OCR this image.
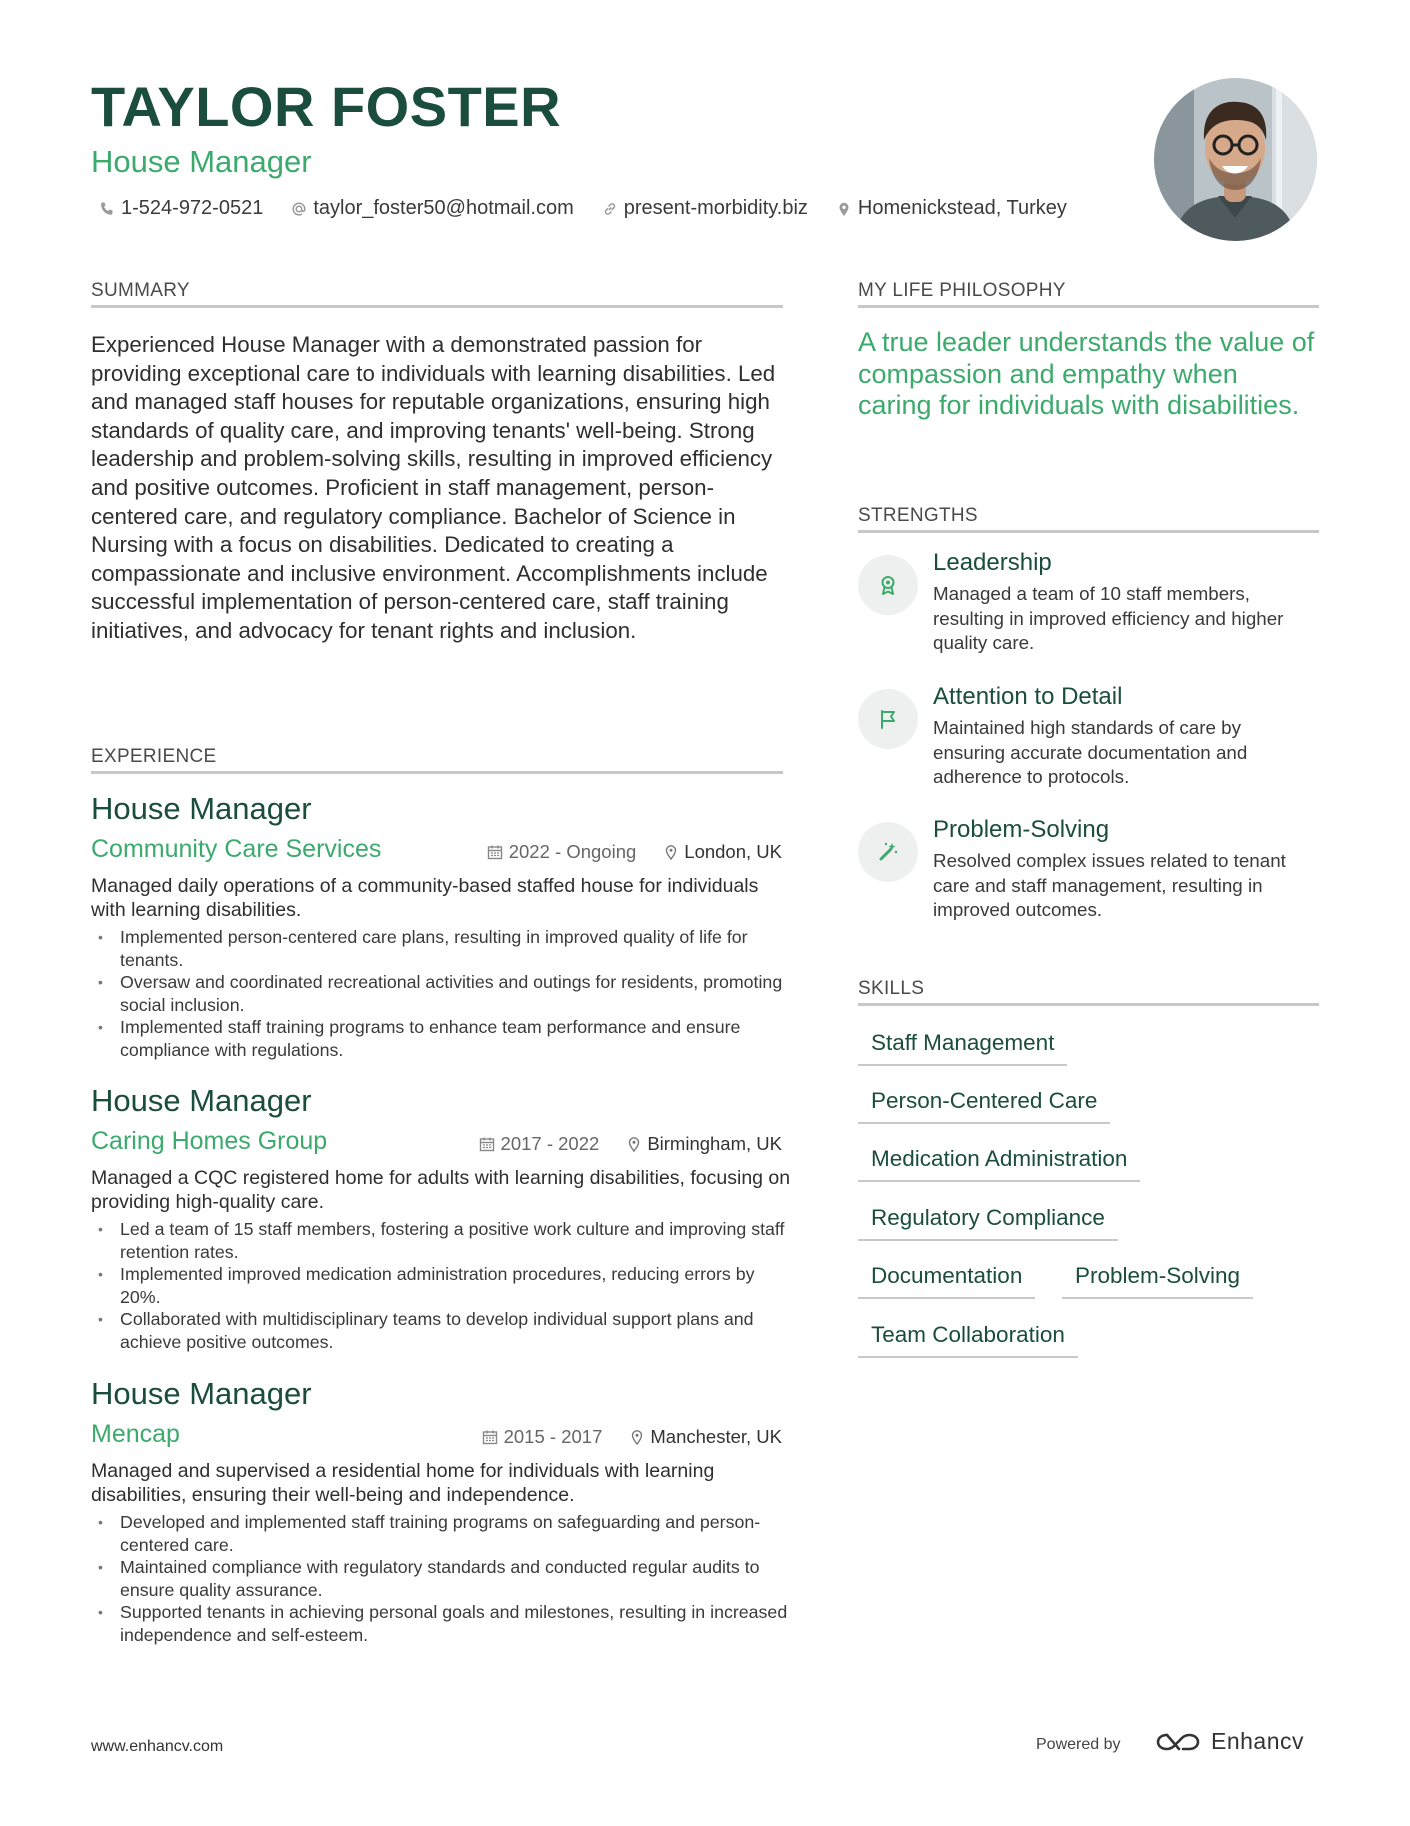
TAYLOR FOSTER
House Manager
1-524-972-0521	taylor_foster50@hotmail.com	present-morbidity.biz	Homenickstead, Turkey
SUMMARY
Experienced House Manager with a demonstrated passion for providing exceptional care to individuals with learning disabilities. Led and managed staff houses for reputable organizations, ensuring high standards of quality care, and improving tenants' well-being. Strong leadership and problem-solving skills, resulting in improved efficiency and positive outcomes. Proficient in staff management, person-centered care, and regulatory compliance. Bachelor of Science in Nursing with a focus on disabilities. Dedicated to creating a compassionate and inclusive environment. Accomplishments include successful implementation of person-centered care, staff training initiatives, and advocacy for tenant rights and inclusion.
EXPERIENCE
House Manager
Community Care Services	2022 - Ongoing	London, UK
Managed daily operations of a community-based staffed house for individuals with learning disabilities.
• Implemented person-centered care plans, resulting in improved quality of life for tenants.
• Oversaw and coordinated recreational activities and outings for residents, promoting social inclusion.
• Implemented staff training programs to enhance team performance and ensure compliance with regulations.
House Manager
Caring Homes Group	2017 - 2022	Birmingham, UK
Managed a CQC registered home for adults with learning disabilities, focusing on providing high-quality care.
• Led a team of 15 staff members, fostering a positive work culture and improving staff retention rates.
• Implemented improved medication administration procedures, reducing errors by 20%.
• Collaborated with multidisciplinary teams to develop individual support plans and achieve positive outcomes.
House Manager
Mencap	2015 - 2017	Manchester, UK
Managed and supervised a residential home for individuals with learning disabilities, ensuring their well-being and independence.
• Developed and implemented staff training programs on safeguarding and person-centered care.
• Maintained compliance with regulatory standards and conducted regular audits to ensure quality assurance.
• Supported tenants in achieving personal goals and milestones, resulting in increased independence and self-esteem.
MY LIFE PHILOSOPHY
A true leader understands the value of compassion and empathy when caring for individuals with disabilities.
STRENGTHS
Leadership
Managed a team of 10 staff members, resulting in improved efficiency and higher quality care.
Attention to Detail
Maintained high standards of care by ensuring accurate documentation and adherence to protocols.
Problem-Solving
Resolved complex issues related to tenant care and staff management, resulting in improved outcomes.
SKILLS
Staff Management
Person-Centered Care
Medication Administration
Regulatory Compliance
Documentation	Problem-Solving
Team Collaboration
www.enhancv.com	Powered by	Enhancv
